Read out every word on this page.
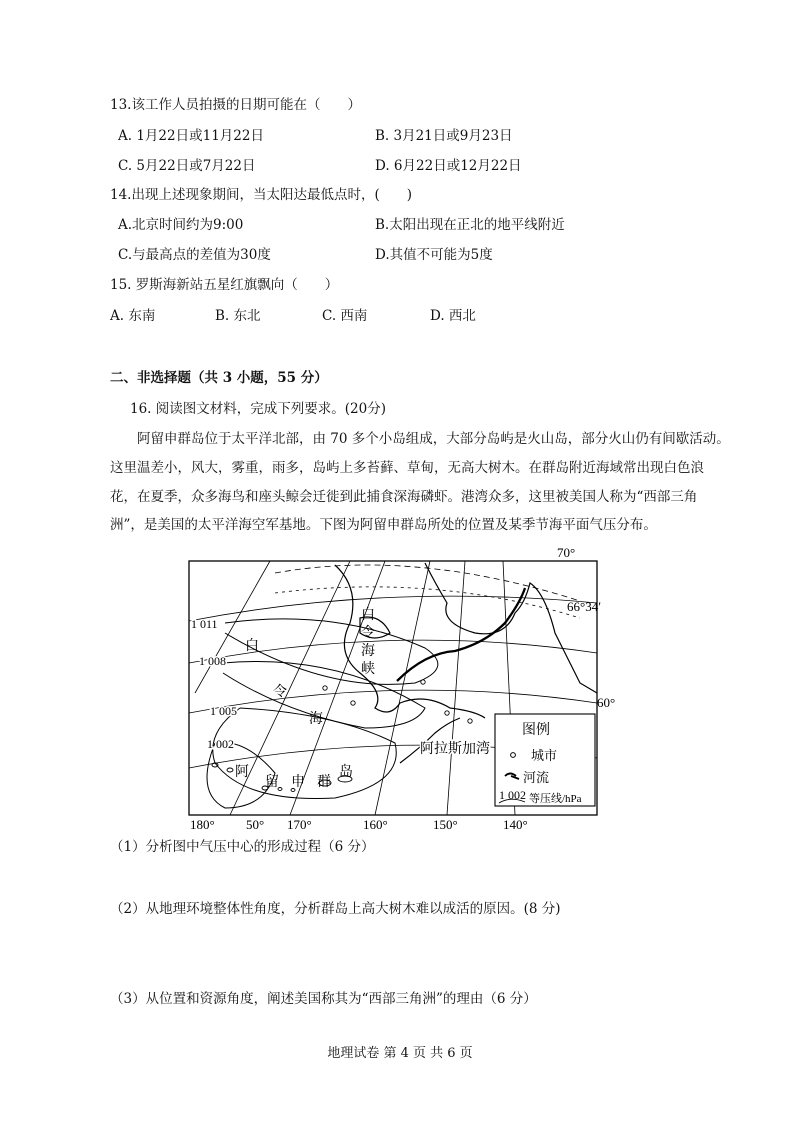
13.该工作人员拍摄的日期可能在（　　）
A. 1月22日或11月22日	B. 3月21日或9月23日
C. 5月22日或7月22日	D. 6月22日或12月22日
14.出现上述现象期间，当太阳达最低点时，(　　)
A.北京时间约为9:00	B.太阳出现在正北的地平线附近
C.与最高点的差值为30度	D.其值不可能为5度
15. 罗斯海新站五星红旗飘向（　　）
A. 东南	B. 东北	C. 西南	D. 西北
二、非选择题（共 3 小题，55 分）
16. 阅读图文材料，完成下列要求。(20分)
阿留申群岛位于太平洋北部，由 70 多个小岛组成，大部分岛屿是火山岛，部分火山仍有间歇活动。这里温差小，风大，雾重，雨多，岛屿上多苔藓、草甸，无高大树木。在群岛附近海域常出现白色浪花，在夏季，众多海鸟和座头鲸会迁徙到此捕食深海磷虾。港湾众多，这里被美国人称为“西部三角洲”，是美国的太平洋海空军基地。下图为阿留申群岛所处的位置及某季节海平面气压分布。
70°
66°34′
60°
50°
180°	170°	160°	150°	140°
1 011
1 008
1 005
1 002
白
令
海
峡
白
令
海
阿
留 申 群
岛
阿拉斯加湾
图例
城市
河流
1 002 等压线/hPa
（1）分析图中气压中心的形成过程（6 分）
（2）从地理环境整体性角度，分析群岛上高大树木难以成活的原因。(8 分)
（3）从位置和资源角度，阐述美国称其为“西部三角洲”的理由（6 分）
地理试卷 第 4 页 共 6 页
